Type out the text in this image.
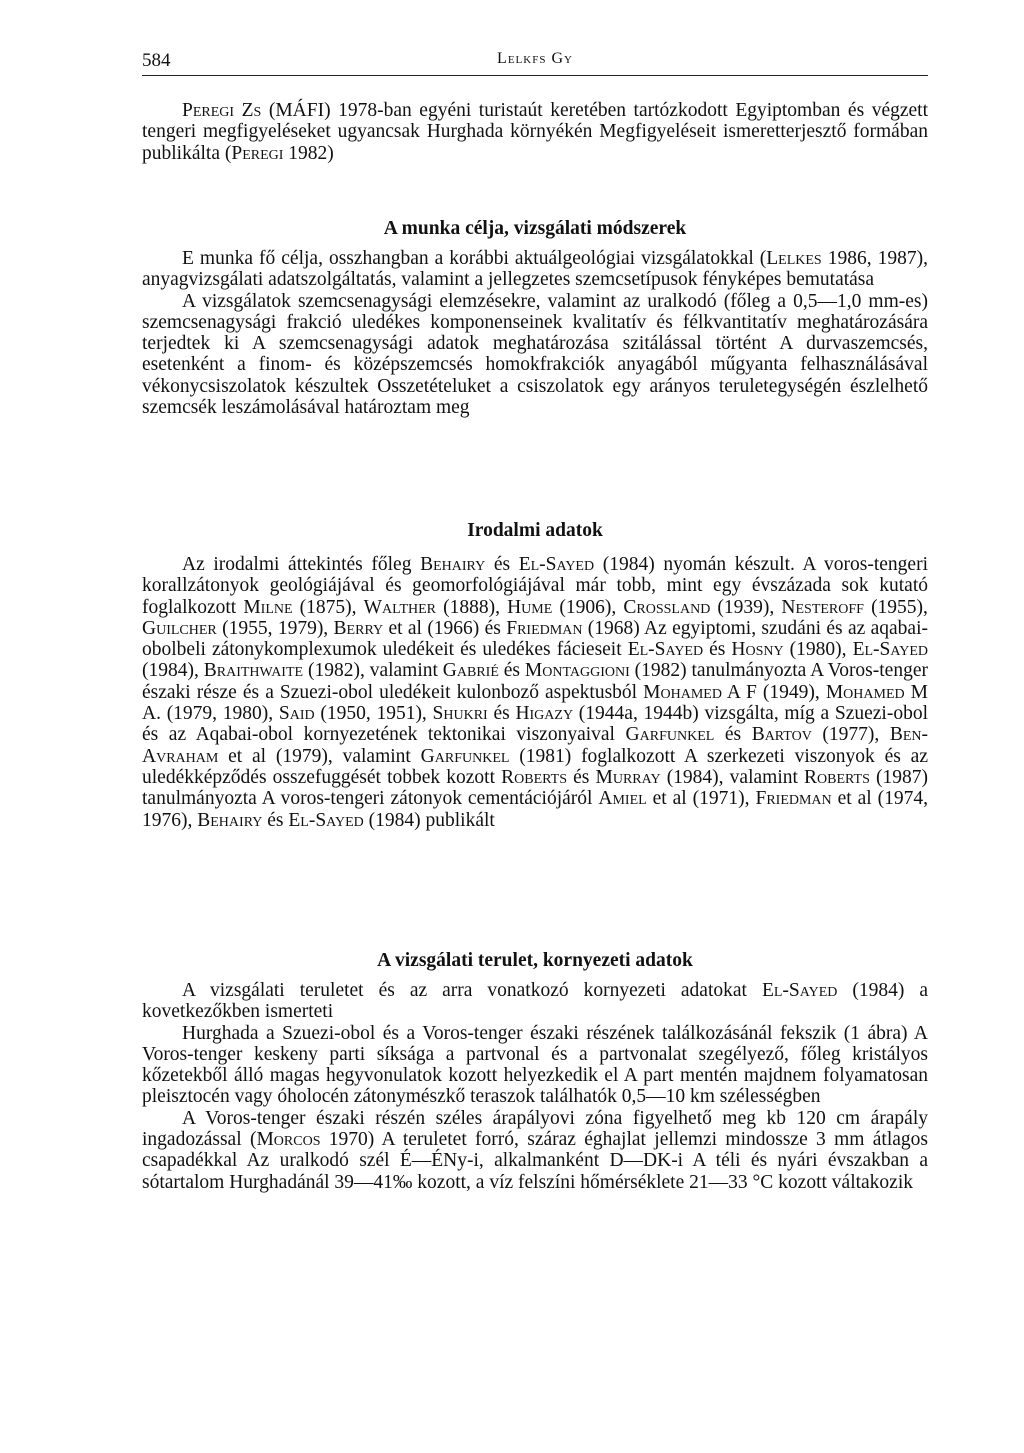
584	Lelkfs Gy

Peregi Zs (MÁFI) 1978-ban egyéni turistaút keretében tartózkodott Egyiptomban és végzett tengeri megfigyeléseket ugyancsak Hurghada környékén Megfigyeléseit ismeretterjesztő formában publikálta (Peregi 1982)

A munka célja, vizsgálati módszerek

E munka fő célja, osszhangban a korábbi aktuálgeológiai vizsgálatokkal (Lelkes 1986, 1987), anyagvizsgálati adatszolgáltatás, valamint a jellegzetes szemcsetípusok fényképes bemutatása

A vizsgálatok szemcsenagysági elemzésekre, valamint az uralkodó (főleg a 0,5—1,0 mm-es) szemcsenagysági frakció uledékes komponenseinek kvalitatív és félkvantitatív meghatározására terjedtek ki A szemcsenagysági adatok meghatározása szitálással történt A durvaszemcsés, esetenként a finom- és középszemcsés homokfrakciók anyagából műgyanta felhasználásával vékonycsiszolatok készultek Osszetételuket a csiszolatok egy arányos teruletegységén észlelhető szemcsék leszámolásával határoztam meg

Irodalmi adatok

Az irodalmi áttekintés főleg Behairy és El-Sayed (1984) nyomán készult. A voros-tengeri korallzátonyok geológiájával és geomorfológiájával már tobb, mint egy évszázada sok kutató foglalkozott Milne (1875), Walther (1888), Hume (1906), Crossland (1939), Nesteroff (1955), Guilcher (1955, 1979), Berry et al (1966) és Friedman (1968) Az egyiptomi, szudáni és az aqabai-obolbeli zátonykomplexumok uledékeit és uledékes fácieseit El-Sayed és Hosny (1980), El-Sayed (1984), Braithwaite (1982), valamint Gabrié és Montaggioni (1982) tanulmányozta A Voros-tenger északi része és a Szuezi-obol uledékeit kulonboző aspektusból Mohamed A F (1949), Mohamed M A. (1979, 1980), Said (1950, 1951), Shukri és Higazy (1944a, 1944b) vizsgálta, míg a Szuezi-obol és az Aqabai-obol kornyezetének tektonikai viszonyaival Garfunkel és Bartov (1977), Ben-Avraham et al (1979), valamint Garfunkel (1981) foglalkozott A szerkezeti viszonyok és az uledékképződés osszefuggését tobbek kozott Roberts és Murray (1984), valamint Roberts (1987) tanulmányozta A voros-tengeri zátonyok cementációjáról Amiel et al (1971), Friedman et al (1974, 1976), Behairy és El-Sayed (1984) publikált

A vizsgálati terulet, kornyezeti adatok

A vizsgálati teruletet és az arra vonatkozó kornyezeti adatokat El-Sayed (1984) a kovetkezőkben ismerteti

Hurghada a Szuezi-obol és a Voros-tenger északi részének találkozásánál fekszik (1 ábra) A Voros-tenger keskeny parti síksága a partvonal és a partvonalat szegélyező, főleg kristályos kőzetekből álló magas hegyvonulatok kozott helyezkedik el A part mentén majdnem folyamatosan pleisztocén vagy óholocén zátonymészkő teraszok találhatók 0,5—10 km szélességben

A Voros-tenger északi részén széles árapályovi zóna figyelhető meg kb 120 cm árapály ingadozással (Morcos 1970) A teruletet forró, száraz éghajlat jellemzi mindossze 3 mm átlagos csapadékkal Az uralkodó szél É—ÉNy-i, alkalmanként D—DK-i A téli és nyári évszakban a sótartalom Hurghadánál 39—41‰ kozott, a víz felszíni hőmérséklete 21—33 °C kozott váltakozik
